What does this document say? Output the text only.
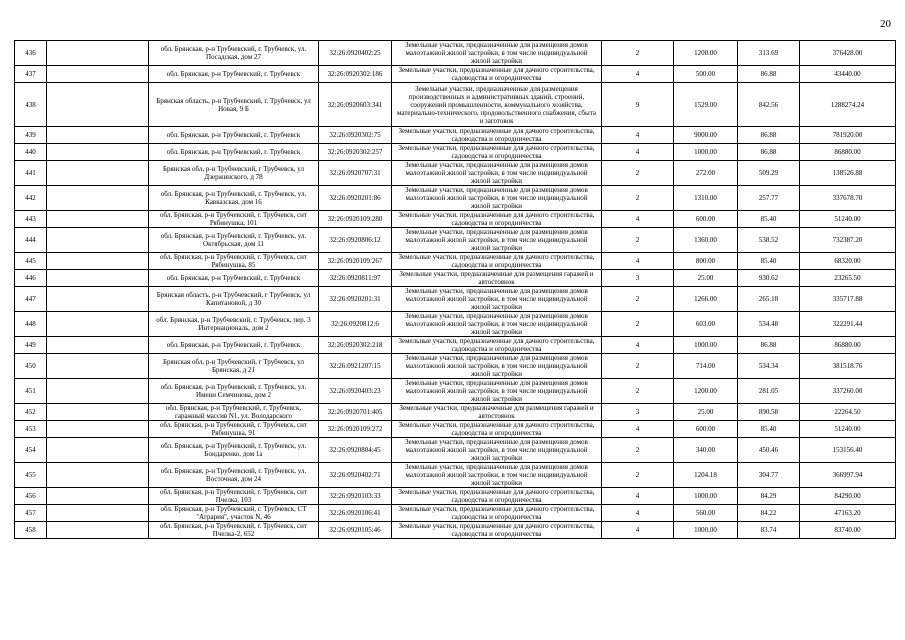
20
436		обл. Брянская, р-н Трубчевский, г. Трубчевск, ул. Посадская, дом 27	32:26:0920402:25	Земельные участки, предназначенные для размещения домов малоэтажной жилой застройки, в том числе индивидуальной жилой застройки	2	1200.00	313.69	376428.00
437		обл. Брянская, р-н Трубчевский, г. Трубчевск	32:26:0920302:186	Земельные участки, предназначенные для дачного строительства, садоводства и огородничества	4	500.00	86.88	43440.00
438		Брянская область, р-н Трубчевский, г. Трубчевск, ул Новая, 9 Б	32:26:0920603:341	Земельные участки, предназначенные для размещения производственных и административных зданий, строений, сооружений промышленности, коммунального хозяйства, материально-технического, продовольственного снабжения, сбыта и заготовок	9	1529.00	842.56	1288274.24
439		обл. Брянская, р-н Трубчевский, г. Трубчевск	32:26:0920302:75	Земельные участки, предназначенные для дачного строительства, садоводства и огородничества	4	9000.00	86.88	781920.00
440		обл. Брянская, р-н Трубчевский, г. Трубчевск	32:26:0920302:257	Земельные участки, предназначенные для дачного строительства, садоводства и огородничества	4	1000.00	86.88	86880.00
441		Брянская обл, р-н Трубчевский, г Трубчевск, ул Дзержинского, д 78	32:26:0920707:31	Земельные участки, предназначенные для размещения домов малоэтажной жилой застройки, в том числе индивидуальной жилой застройки	2	272.00	509.29	138526.88
442		обл. Брянская, р-н Трубчевский, г. Трубчевск, ул. Кавказская, дом 16	32:26:0920201:86	Земельные участки, предназначенные для размещения домов малоэтажной жилой застройки, в том числе индивидуальной жилой застройки	2	1310.00	257.77	337678.70
443		обл. Брянская, р-н Трубчевский, г. Трубчевск, снт Рябинушка, 101	32:26:0920109:280	Земельные участки, предназначенные для дачного строительства, садоводства и огородничества	4	600.00	85.40	51240.00
444		обл. Брянская, р-н Трубчевский, г. Трубчевск, ул. Октябрьская, дом 11	32:26:0920806:12	Земельные участки, предназначенные для размещения домов малоэтажной жилой застройки, в том числе индивидуальной жилой застройки	2	1360.00	538.52	732387.20
445		обл. Брянская, р-н Трубчевский, г. Трубчевск, снт Рябинушка, 85	32:26:0920109:267	Земельные участки, предназначенные для дачного строительства, садоводства и огородничества	4	800.00	85.40	68320.00
446		обл. Брянская, р-н Трубчевский, г. Трубчевск	32:26:0920811:97	Земельные участки, предназначенные для размещения гаражей и автостоянок	3	25.00	930.62	23265.50
447		Брянская область, р-н Трубчевский, г Трубчевск, ул Капитановой, д 30	32:26:0920201:31	Земельные участки, предназначенные для размещения домов малоэтажной жилой застройки, в том числе индивидуальной жилой застройки	2	1266.00	265.18	335717.88
448		обл. Брянская, р-н Трубчевский, г. Трубчевск, пер. 3 Интернациональ, дом 2	32:26:0920812:6	Земельные участки, предназначенные для размещения домов малоэтажной жилой застройки, в том числе индивидуальной жилой застройки	2	603.00	534.48	322291.44
449		обл. Брянская, р-н Трубчевский, г. Трубчевск	32:26:0920302:218	Земельные участки, предназначенные для дачного строительства, садоводства и огородничества	4	1000.00	86.88	86880.00
450		Брянская обл, р-н Трубчевский, г Трубчевск, ул Брянская, д 21	32:26:0921207:15	Земельные участки, предназначенные для размещения домов малоэтажной жилой застройки, в том числе индивидуальной жилой застройки	2	714.00	534.34	381518.76
451		обл. Брянская, р-н Трубчевский, г. Трубчевск, ул. Имени Семчинова, дом 2	32:26:0920403:23	Земельные участки, предназначенные для размещения домов малоэтажной жилой застройки, в том числе индивидуальной жилой застройки	2	1200.00	281.05	337260.00
452		обл. Брянская, р-н Трубчевский, г. Трубчевск, гаражный массив N1, ул. Володарского	32:26:0920701:405	Земельные участки, предназначенные для размещения гаражей и автостоянок	3	25.00	890.58	22264.50
453		обл. Брянская, р-н Трубчевский, г. Трубчевск, снт Рябинушка, 91	32:26:0920109:272	Земельные участки, предназначенные для дачного строительства, садоводства и огородничества	4	600.00	85.40	51240.00
454		обл. Брянская, р-н Трубчевский, г. Трубчевск, ул. Бондаренко, дом 1а	32:26:0920804:45	Земельные участки, предназначенные для размещения домов малоэтажной жилой застройки, в том числе индивидуальной жилой застройки	2	340.00	450.46	153156.40
455		обл. Брянская, р-н Трубчевский, г. Трубчевск, ул. Восточная, дом 24	32:26:0920402:71	Земельные участки, предназначенные для размещения домов малоэтажной жилой застройки, в том числе индивидуальной жилой застройки	2	1204.18	304.77	366997.94
456		обл. Брянская, р-н Трубчевский, г. Трубчевск, снт Пчелка, 103	32:26:0920103:33	Земельные участки, предназначенные для дачного строительства, садоводства и огородничества	4	1000.00	84.29	84290.00
457		обл. Брянская, р-н Трубчевский, г. Трубчевск, СТ "Агрария", участок N, 46	32:26:0920106:41	Земельные участки, предназначенные для дачного строительства, садоводства и огородничества	4	560.00	84.22	47163.20
458		обл. Брянская, р-н Трубчевский, г. Трубчевск, снт Пчелка-2, 652	32:26:0920105:46	Земельные участки, предназначенные для дачного строительства, садоводства и огородничества	4	1000.00	83.74	83740.00
